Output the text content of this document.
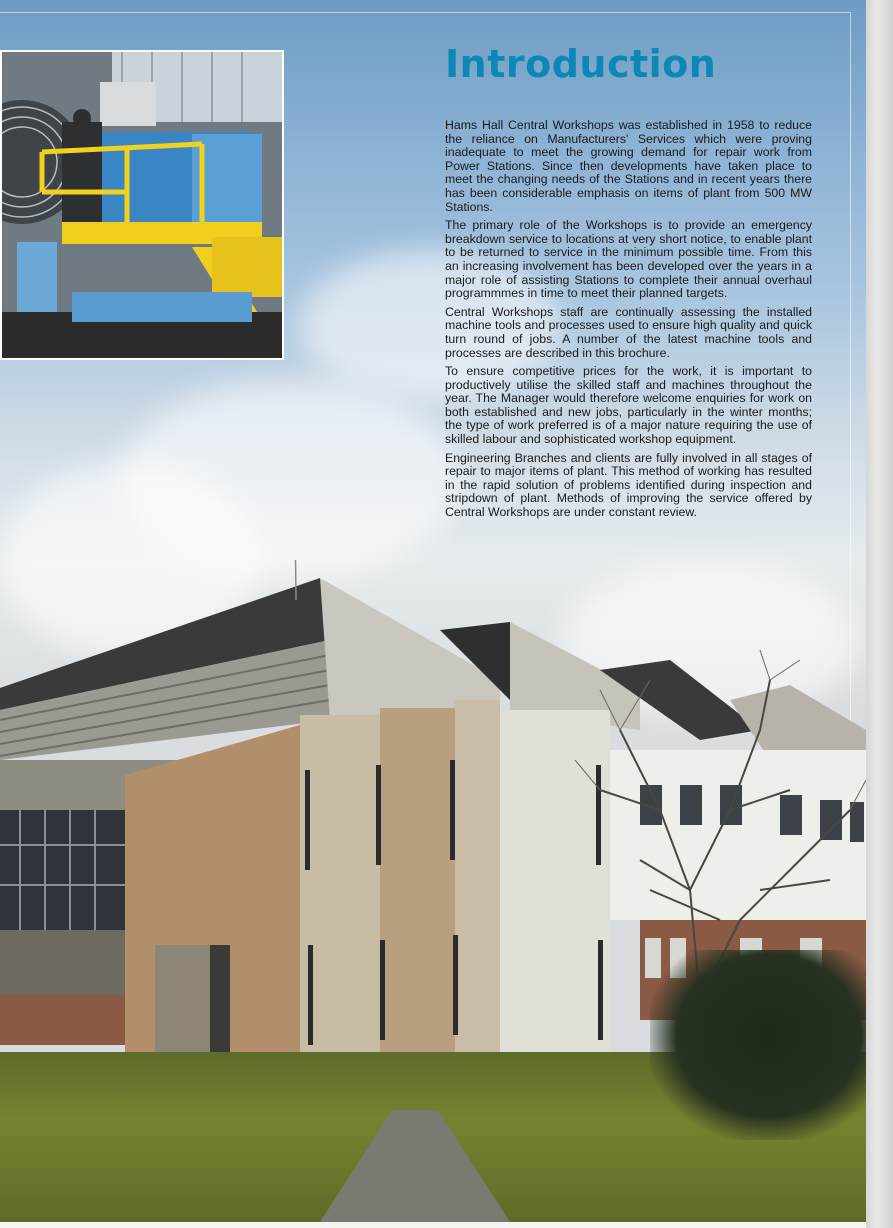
Introduction

Hams Hall Central Workshops was established in 1958 to reduce the reliance on Manufacturers' Services which were proving inadequate to meet the growing demand for repair work from Power Stations. Since then developments have taken place to meet the changing needs of the Stations and in recent years there has been considerable emphasis on items of plant from 500 MW Stations.

The primary role of the Workshops is to provide an emergency breakdown service to locations at very short notice, to enable plant to be returned to service in the minimum possible time. From this an increasing involvement has been developed over the years in a major role of assisting Stations to complete their annual overhaul programmmes in time to meet their planned targets.

Central Workshops staff are continually assessing the installed machine tools and processes used to ensure high quality and quick turn round of jobs. A number of the latest machine tools and processes are described in this brochure.

To ensure competitive prices for the work, it is important to productively utilise the skilled staff and machines throughout the year. The Manager would therefore welcome enquiries for work on both established and new jobs, particularly in the winter months; the type of work preferred is of a major nature requiring the use of skilled labour and sophisticated workshop equipment.

Engineering Branches and clients are fully involved in all stages of repair to major items of plant. This method of working has resulted in the rapid solution of problems identified during inspection and stripdown of plant. Methods of improving the service offered by Central Workshops are under constant review.
